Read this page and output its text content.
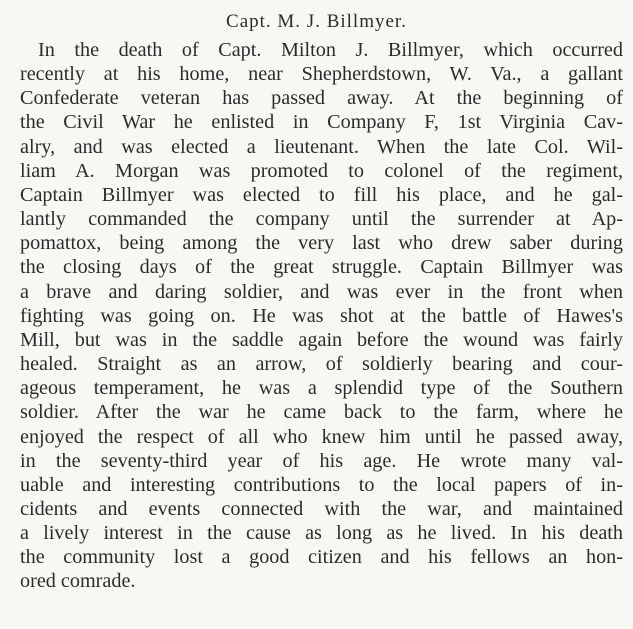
Capt. M. J. Billmyer.
In the death of Capt. Milton J. Billmyer, which occurred
recently at his home, near Shepherdstown, W. Va., a gallant
Confederate veteran has passed away. At the beginning of
the Civil War he enlisted in Company F, 1st Virginia Cav-
alry, and was elected a lieutenant. When the late Col. Wil-
liam A. Morgan was promoted to colonel of the regiment,
Captain Billmyer was elected to fill his place, and he gal-
lantly commanded the company until the surrender at Ap-
pomattox, being among the very last who drew saber during
the closing days of the great struggle. Captain Billmyer was
a brave and daring soldier, and was ever in the front when
fighting was going on. He was shot at the battle of Hawes's
Mill, but was in the saddle again before the wound was fairly
healed. Straight as an arrow, of soldierly bearing and cour-
ageous temperament, he was a splendid type of the Southern
soldier. After the war he came back to the farm, where he
enjoyed the respect of all who knew him until he passed away,
in the seventy-third year of his age. He wrote many val-
uable and interesting contributions to the local papers of in-
cidents and events connected with the war, and maintained
a lively interest in the cause as long as he lived. In his death
the community lost a good citizen and his fellows an hon-
ored comrade.
